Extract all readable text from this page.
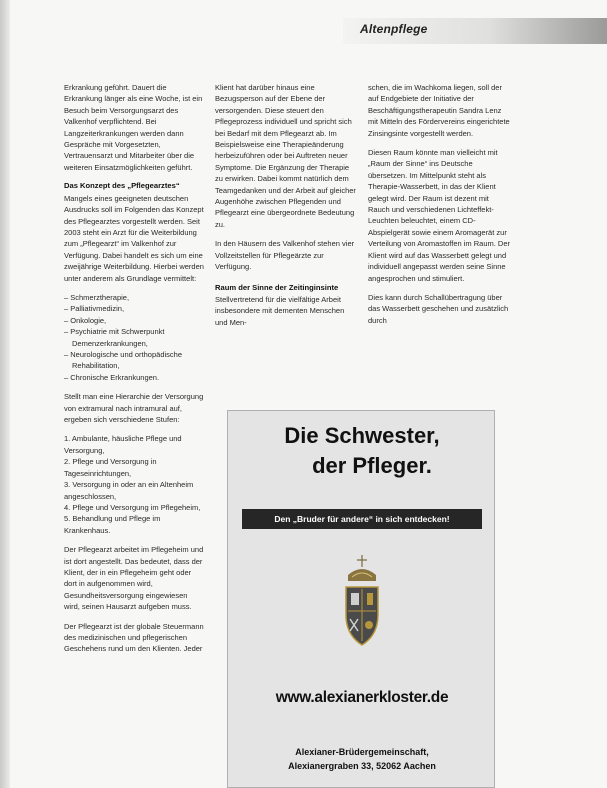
Altenpflege

Erkrankung geführt. Dauert die Erkrankung länger als eine Woche, ist ein Besuch beim Versorgungsarzt des Valkenhof verpflichtend. Bei Langzeiterkrankungen werden dann Gespräche mit Vorgesetzten, Vertrauensarzt und Mitarbeiter über die weiteren Einsatzmöglichkeiten geführt.

Das Konzept des „Pflegearztes“

Mangels eines geeigneten deutschen Ausdrucks soll im Folgenden das Konzept des Pflegearztes vorgestellt werden. Seit 2003 steht ein Arzt für die Weiterbildung zum „Pflegearzt“ im Valkenhof zur Verfügung. Dabei handelt es sich um eine zweijährige Weiterbildung. Hierbei werden unter anderem als Grundlage vermittelt:

– Schmerztherapie,
– Palliativmedizin,
– Onkologie,
– Psychiatrie mit Schwerpunkt Demenzerkrankungen,
– Neurologische und orthopädische Rehabilitation,
– Chronische Erkrankungen.

Stellt man eine Hierarchie der Versorgung von extramural nach intramural auf, ergeben sich verschiedene Stufen:

1. Ambulante, häusliche Pflege und Versorgung,
2. Pflege und Versorgung in Tageseinrichtungen,
3. Versorgung in oder an ein Altenheim angeschlossen,
4. Pflege und Versorgung im Pflegeheim,
5. Behandlung und Pflege im Krankenhaus.

Der Pflegearzt arbeitet im Pflegeheim und ist dort angestellt. Das bedeutet, dass der Klient, der in ein Pflegeheim geht oder dort in aufgenommen wird, Gesundheitsversorgung eingewiesen wird, seinen Hausarzt aufgeben muss.

Der Pflegearzt ist der globale Steuermann des medizinischen und pflegerischen Geschehens rund um den Klienten. Jeder

Klient hat darüber hinaus eine Bezugsperson auf der Ebene der versorgenden. Diese steuert den Pflegeprozess individuell und spricht sich bei Bedarf mit dem Pflegearzt ab. Im Beispielsweise eine Therapieänderung herbeizuführen oder bei Auftreten neuer Symptome. Die Ergänzung der Therapie zu erwirken. Dabei kommt natürlich dem Teamgedanken und der Arbeit auf gleicher Augenhöhe zwischen Pflegenden und Pflegearzt eine übergeordnete Bedeutung zu.

In den Häusern des Valkenhof stehen vier Vollzeitstellen für Pflegeärzte zur Verfügung.

Raum der Sinne der Zeitinginsinte

Stellvertretend für die vielfältige Arbeit insbesondere mit dementen Menschen und Men-

schen, die im Wachkoma liegen, soll der auf Endgebiete der Initiative der Beschäftigungstherapeutin Sandra Lenz mit Mitteln des Fördervereins eingerichtete Zinsingsinte vorgestellt werden.

Diesen Raum könnte man vielleicht mit „Raum der Sinne“ ins Deutsche übersetzen. Im Mittelpunkt steht als Therapie-Wasserbett, in das der Klient gelegt wird. Der Raum ist dezent mit Rauch und verschiedenen Lichteffekt-Leuchten beleuchtet, einem CD-Abspielgerät sowie einem Aromagerät zur Verteilung von Aromastoffen im Raum. Der Klient wird auf das Wasserbett gelegt und individuell angepasst werden seine Sinne angesprochen und stimuliert.

Dies kann durch Schallübertragung über das Wasserbett geschehen und zusätzlich durch

Die Schwester,
der Pfleger.
Den „Bruder für andere“ in sich entdecken!
www.alexianerkloster.de
Alexianer-Brüdergemeinschaft,
Alexianergraben 33, 52062 Aachen
